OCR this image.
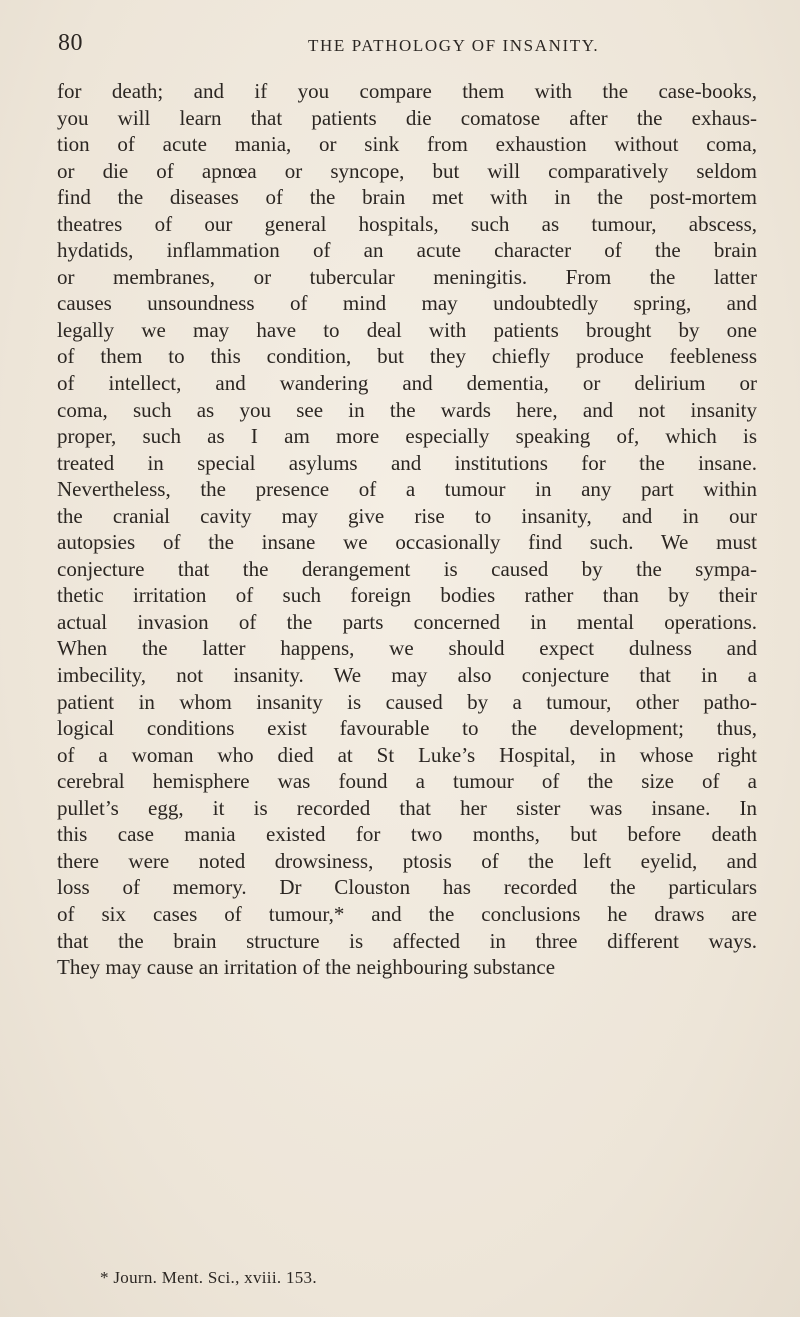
80	THE PATHOLOGY OF INSANITY.
for death; and if you compare them with the case-books,
you will learn that patients die comatose after the exhaus-
tion of acute mania, or sink from exhaustion without coma,
or die of apnœa or syncope, but will comparatively seldom
find the diseases of the brain met with in the post-mortem
theatres of our general hospitals, such as tumour, abscess,
hydatids, inflammation of an acute character of the brain
or membranes, or tubercular meningitis. From the latter
causes unsoundness of mind may undoubtedly spring, and
legally we may have to deal with patients brought by one
of them to this condition, but they chiefly produce feebleness
of intellect, and wandering and dementia, or delirium or
coma, such as you see in the wards here, and not insanity
proper, such as I am more especially speaking of, which is
treated in special asylums and institutions for the insane.
Nevertheless, the presence of a tumour in any part within
the cranial cavity may give rise to insanity, and in our
autopsies of the insane we occasionally find such. We must
conjecture that the derangement is caused by the sympa-
thetic irritation of such foreign bodies rather than by their
actual invasion of the parts concerned in mental operations.
When the latter happens, we should expect dulness and
imbecility, not insanity. We may also conjecture that in a
patient in whom insanity is caused by a tumour, other patho-
logical conditions exist favourable to the development; thus,
of a woman who died at St Luke’s Hospital, in whose right
cerebral hemisphere was found a tumour of the size of a
pullet’s egg, it is recorded that her sister was insane. In
this case mania existed for two months, but before death
there were noted drowsiness, ptosis of the left eyelid, and
loss of memory. Dr Clouston has recorded the particulars
of six cases of tumour,* and the conclusions he draws are
that the brain structure is affected in three different ways.
They may cause an irritation of the neighbouring substance
* Journ. Ment. Sci., xviii. 153.
